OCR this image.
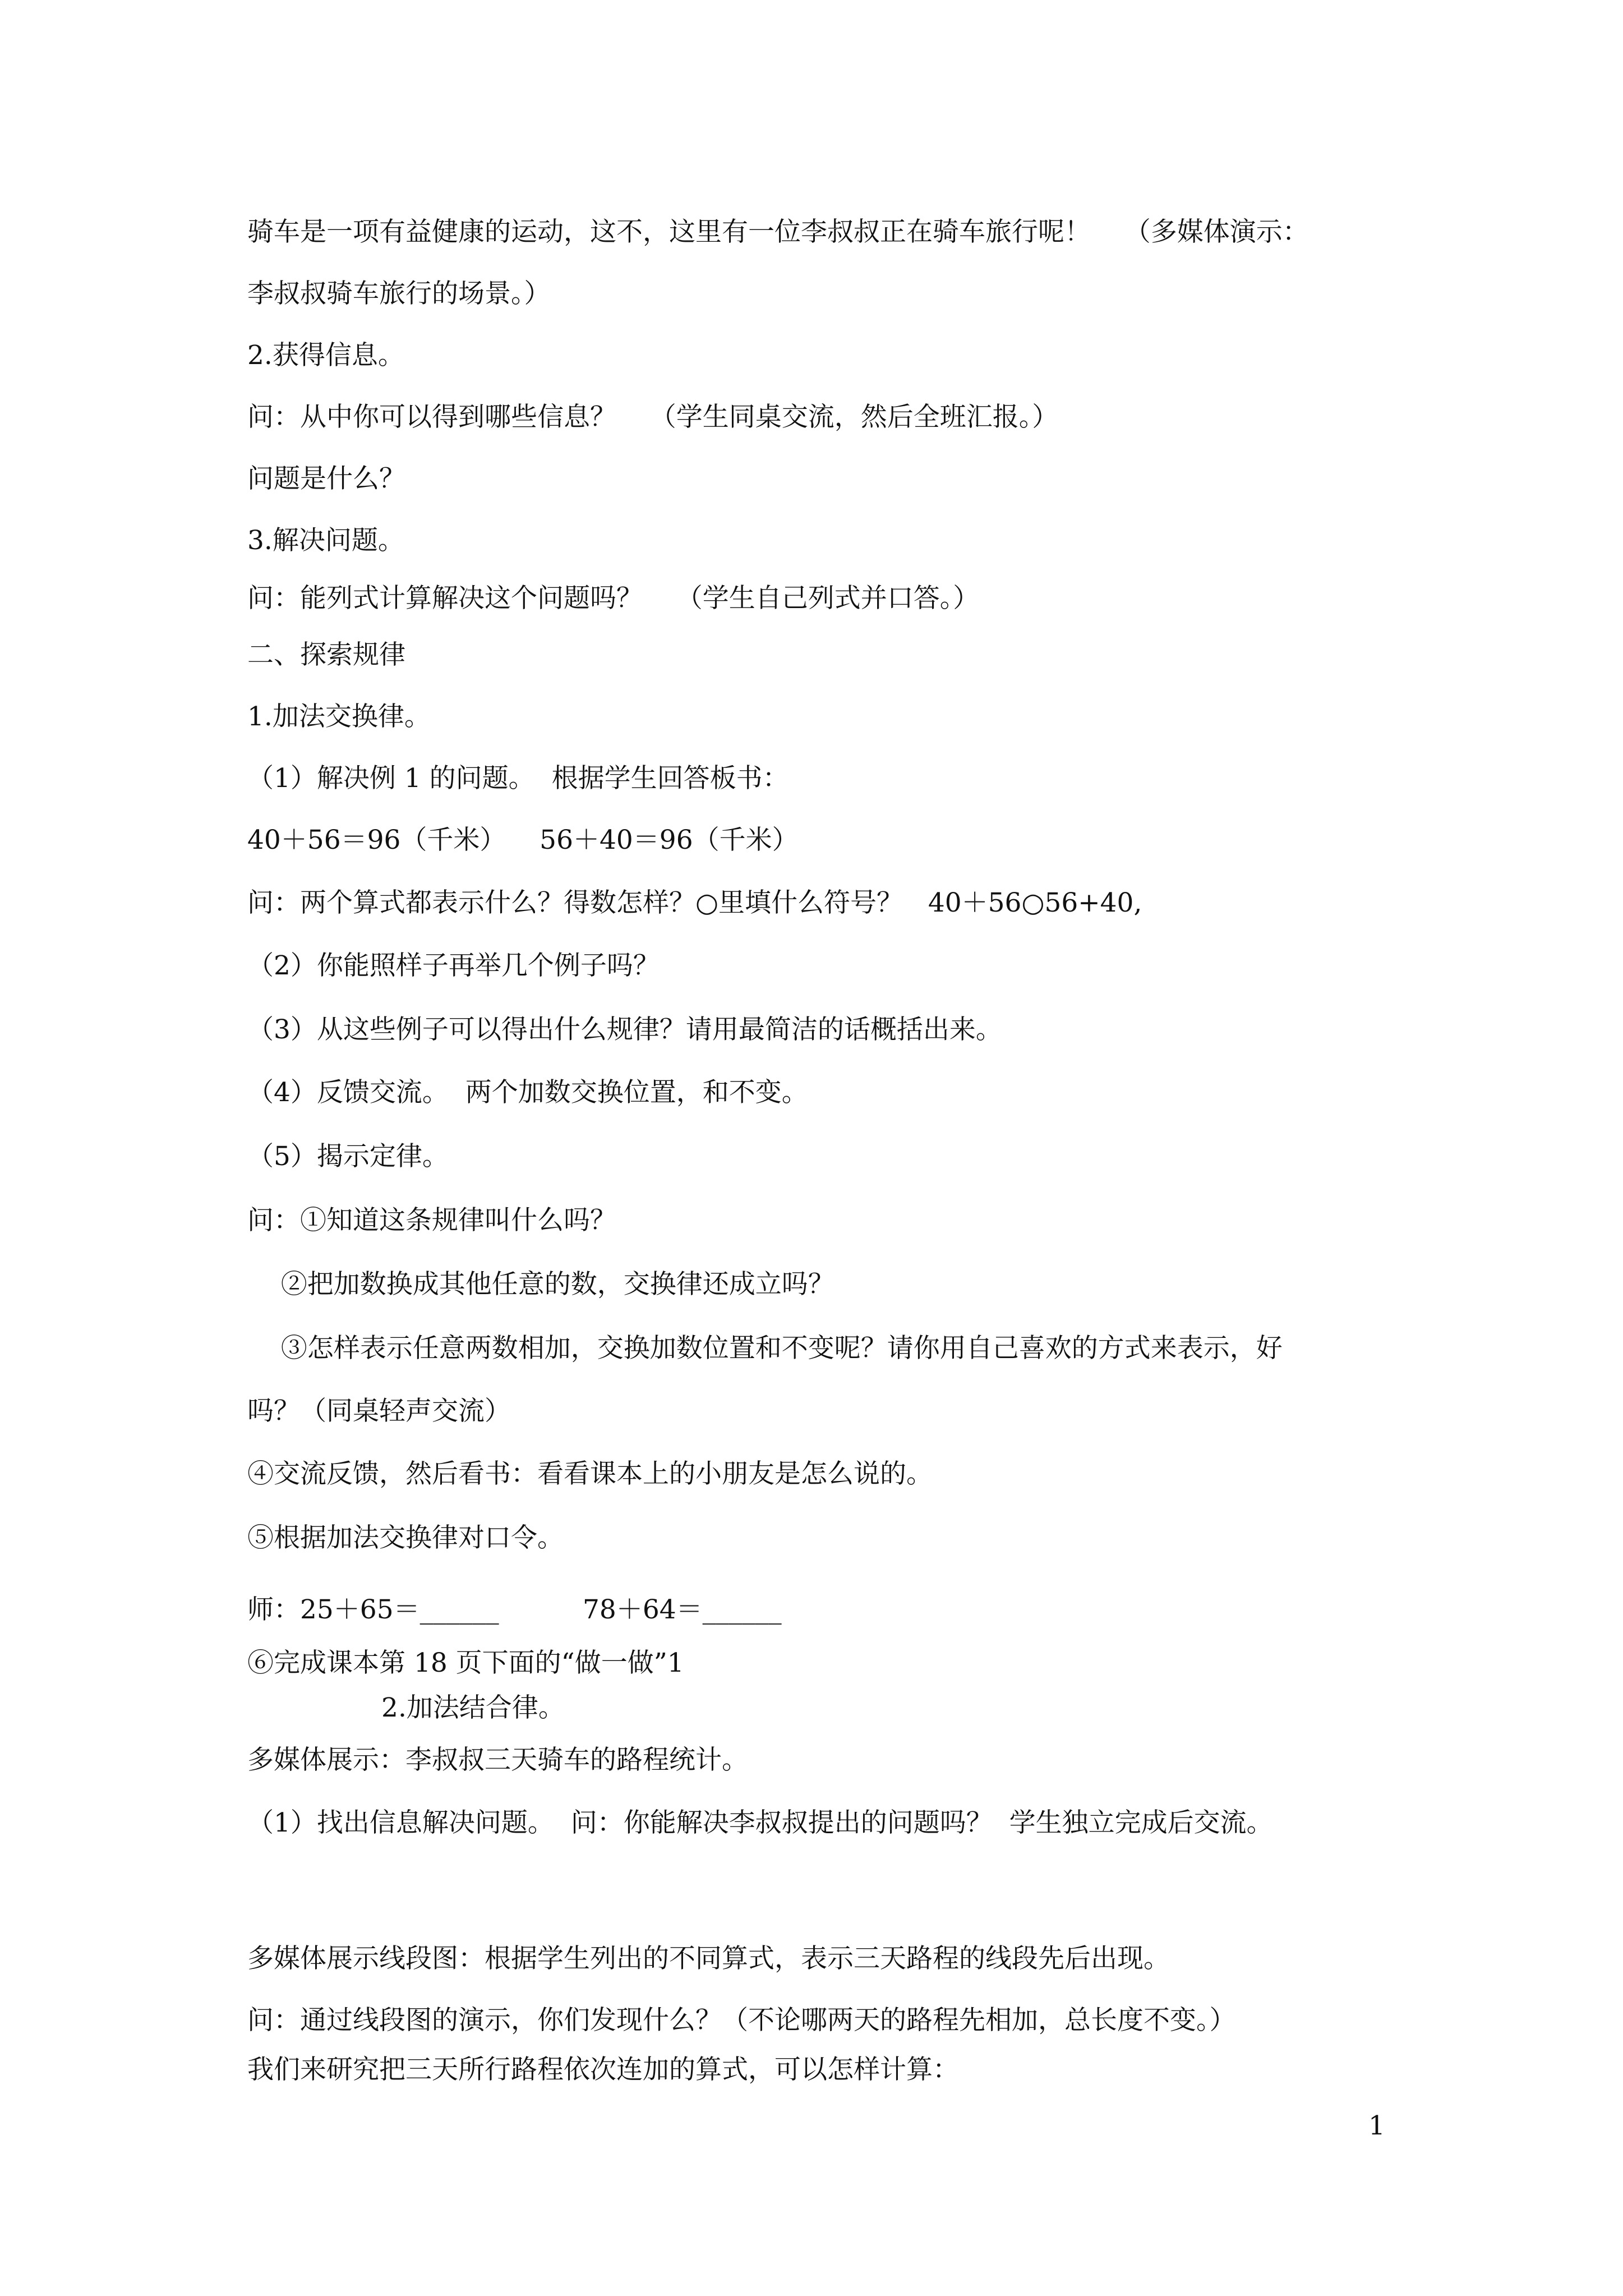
骑车是一项有益健康的运动，这不，这里有一位李叔叔正在骑车旅行呢！    （多媒体演示：
李叔叔骑车旅行的场景。）
2.获得信息。
问：从中你可以得到哪些信息？    （学生同桌交流，然后全班汇报。）
问题是什么？
3.解决问题。
问：能列式计算解决这个问题吗？    （学生自己列式并口答。）
二、探索规律
1.加法交换律。
（1）解决例 1 的问题。  根据学生回答板书：
40＋56＝96（千米）    56＋40＝96（千米）
问：两个算式都表示什么？得数怎样？○里填什么符号？   40＋56○56+40,
（2）你能照样子再举几个例子吗？
（3）从这些例子可以得出什么规律？请用最简洁的话概括出来。
（4）反馈交流。  两个加数交换位置，和不变。
（5）揭示定律。
问：①知道这条规律叫什么吗？
②把加数换成其他任意的数，交换律还成立吗？
③怎样表示任意两数相加，交换加数位置和不变呢？请你用自己喜欢的方式来表示，好
吗？（同桌轻声交流）
④交流反馈，然后看书：看看课本上的小朋友是怎么说的。
⑤根据加法交换律对口令。
师：25＋65＝______          78＋64＝______
⑥完成课本第 18 页下面的“做一做”1
2.加法结合律。
多媒体展示：李叔叔三天骑车的路程统计。
（1）找出信息解决问题。  问：你能解决李叔叔提出的问题吗？  学生独立完成后交流。
多媒体展示线段图：根据学生列出的不同算式，表示三天路程的线段先后出现。
问：通过线段图的演示，你们发现什么？（不论哪两天的路程先相加，总长度不变。）
我们来研究把三天所行路程依次连加的算式，可以怎样计算：
1
